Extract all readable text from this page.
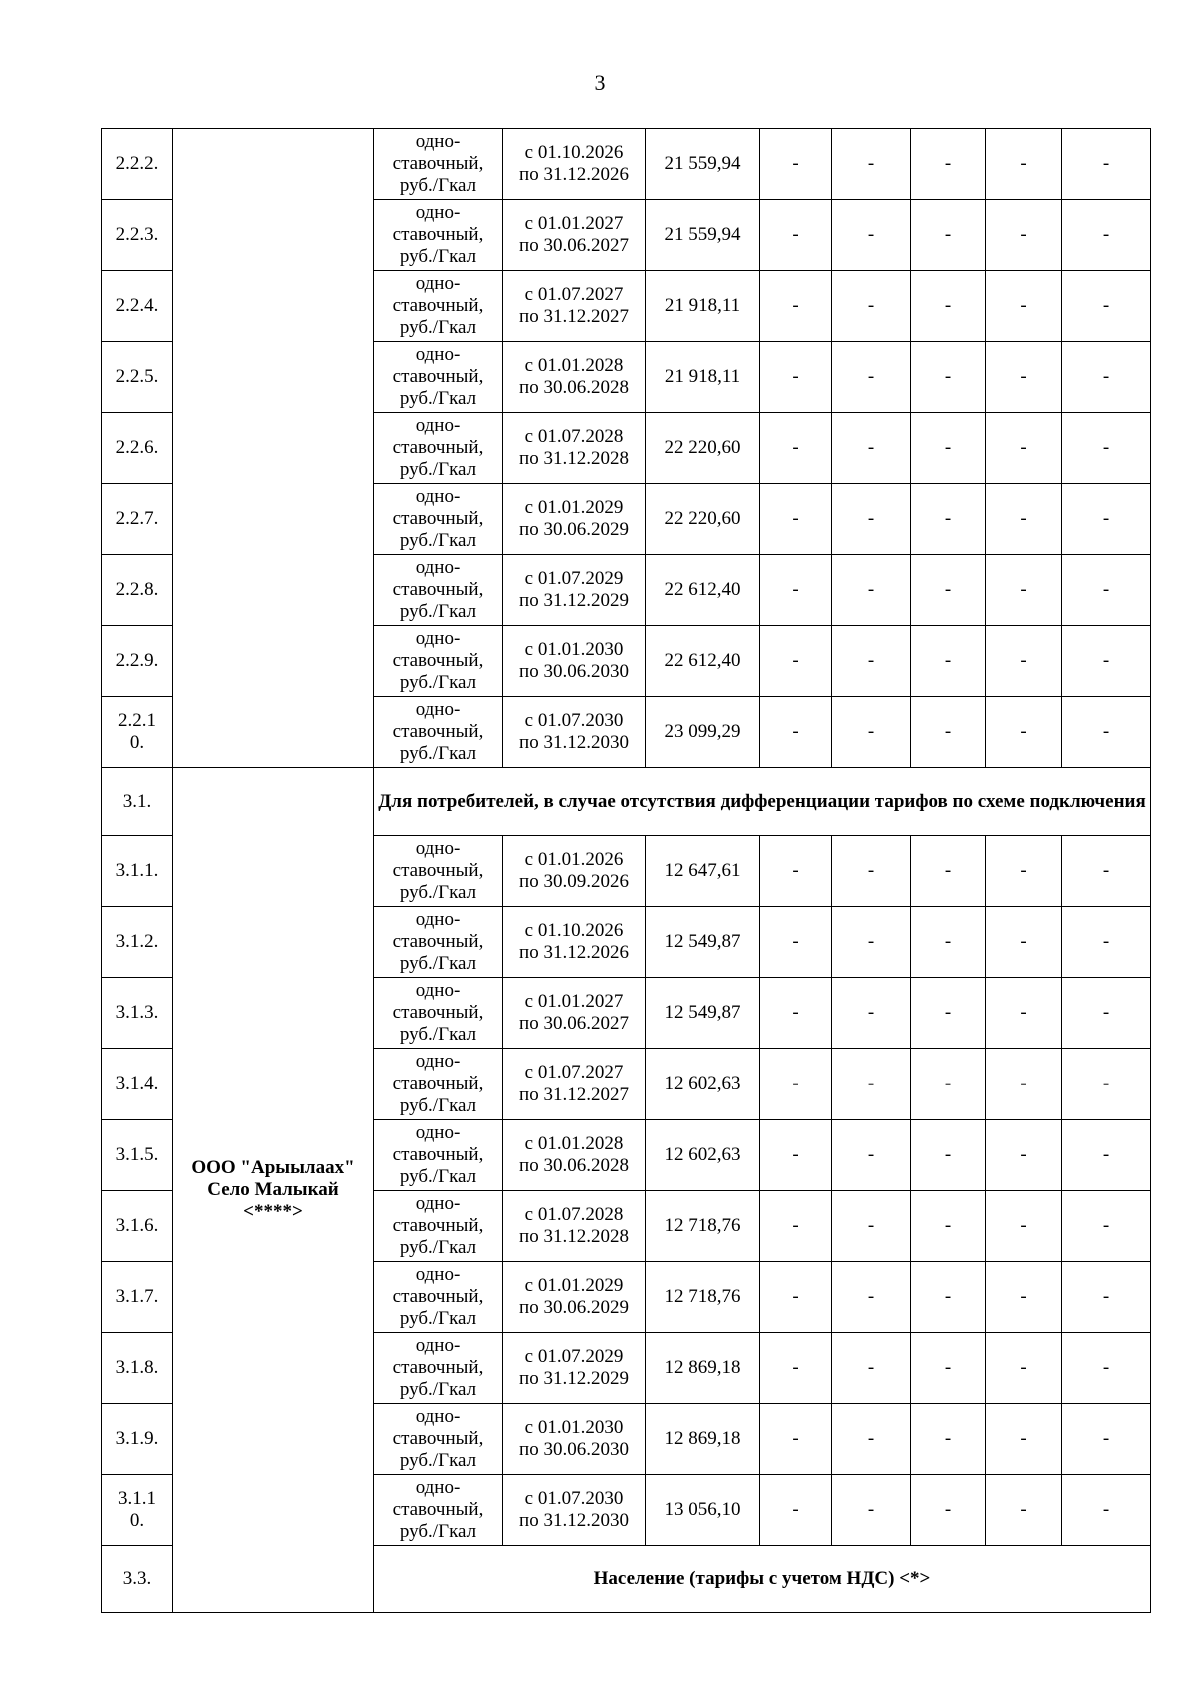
3
2.2.2.		одно-
ставочный,
руб./Гкал	с 01.10.2026
по 31.12.2026	21 559,94	-	-	-	-	-
2.2.3.		одно-
ставочный,
руб./Гкал	с 01.01.2027
по 30.06.2027	21 559,94	-	-	-	-	-
2.2.4.		одно-
ставочный,
руб./Гкал	с 01.07.2027
по 31.12.2027	21 918,11	-	-	-	-	-
2.2.5.		одно-
ставочный,
руб./Гкал	с 01.01.2028
по 30.06.2028	21 918,11	-	-	-	-	-
2.2.6.		одно-
ставочный,
руб./Гкал	с 01.07.2028
по 31.12.2028	22 220,60	-	-	-	-	-
2.2.7.		одно-
ставочный,
руб./Гкал	с 01.01.2029
по 30.06.2029	22 220,60	-	-	-	-	-
2.2.8.		одно-
ставочный,
руб./Гкал	с 01.07.2029
по 31.12.2029	22 612,40	-	-	-	-	-
2.2.9.		одно-
ставочный,
руб./Гкал	с 01.01.2030
по 30.06.2030	22 612,40	-	-	-	-	-
2.2.1
0.		одно-
ставочный,
руб./Гкал	с 01.07.2030
по 31.12.2030	23 099,29	-	-	-	-	-
3.1.	ООО "Арыылаах"
Село Малыкай
<****>	Для потребителей, в случае отсутствия дифференциации тарифов по схеме подключения							
3.1.1.		одно-
ставочный,
руб./Гкал	с 01.01.2026
по 30.09.2026	12 647,61	-	-	-	-	-
3.1.2.		одно-
ставочный,
руб./Гкал	с 01.10.2026
по 31.12.2026	12 549,87	-	-	-	-	-
3.1.3.		одно-
ставочный,
руб./Гкал	с 01.01.2027
по 30.06.2027	12 549,87	-	-	-	-	-
3.1.4.		одно-
ставочный,
руб./Гкал	с 01.07.2027
по 31.12.2027	12 602,63	-	-	-	-	-
3.1.5.		одно-
ставочный,
руб./Гкал	с 01.01.2028
по 30.06.2028	12 602,63	-	-	-	-	-
3.1.6.		одно-
ставочный,
руб./Гкал	с 01.07.2028
по 31.12.2028	12 718,76	-	-	-	-	-
3.1.7.		одно-
ставочный,
руб./Гкал	с 01.01.2029
по 30.06.2029	12 718,76	-	-	-	-	-
3.1.8.		одно-
ставочный,
руб./Гкал	с 01.07.2029
по 31.12.2029	12 869,18	-	-	-	-	-
3.1.9.		одно-
ставочный,
руб./Гкал	с 01.01.2030
по 30.06.2030	12 869,18	-	-	-	-	-
3.1.1
0.		одно-
ставочный,
руб./Гкал	с 01.07.2030
по 31.12.2030	13 056,10	-	-	-	-	-
3.3.		Население (тарифы с учетом НДС) <*>							
